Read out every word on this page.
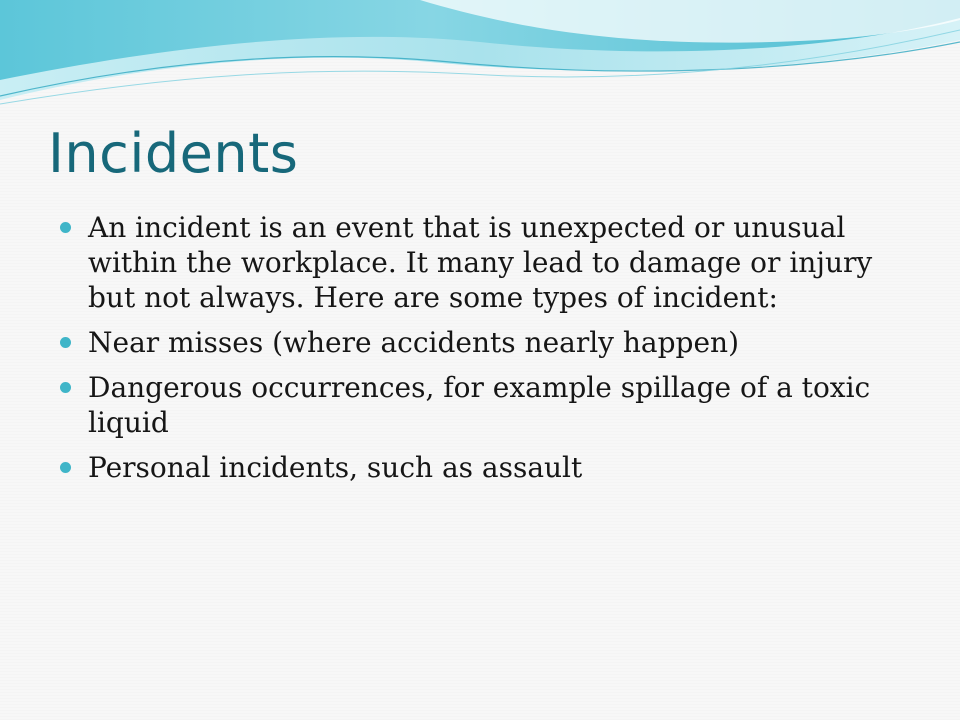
Incidents
An incident is an event that is unexpected or unusual within the workplace. It many lead to damage or injury but not always. Here are some types of incident:
Near misses (where accidents nearly happen)
Dangerous occurrences, for example spillage of a toxic liquid
Personal incidents, such as assault
